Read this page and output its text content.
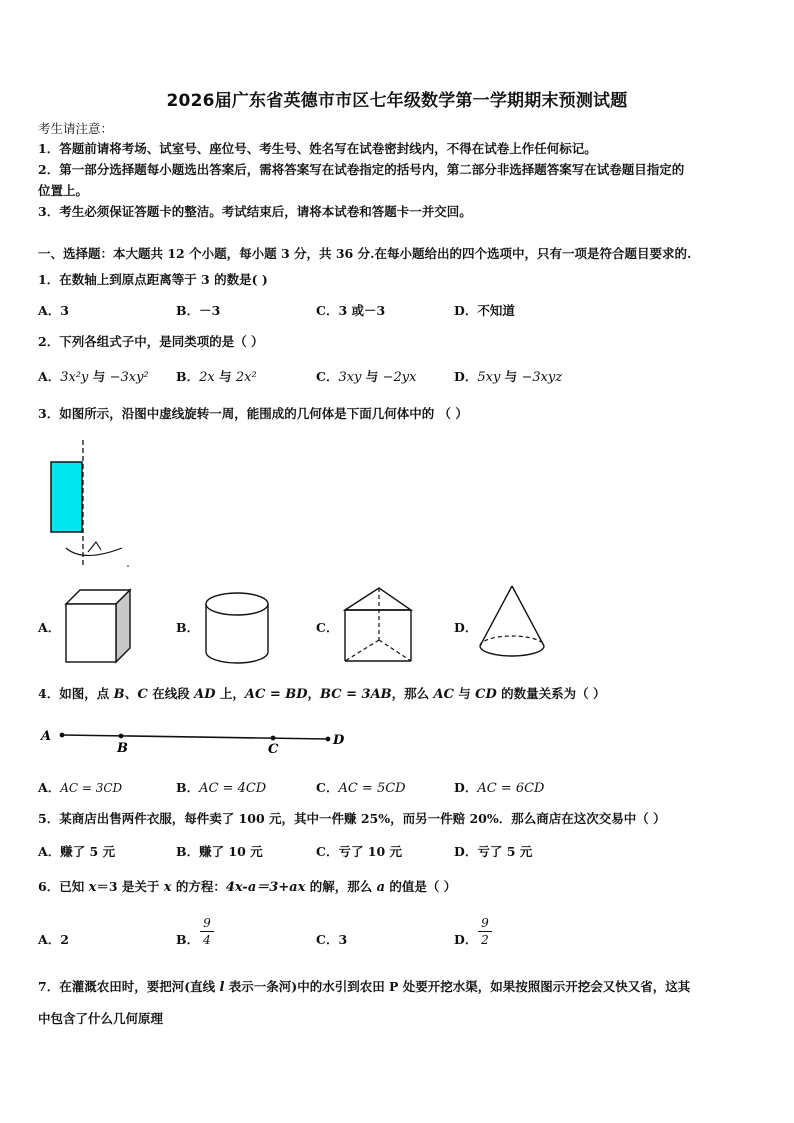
2026届广东省英德市市区七年级数学第一学期期末预测试题
考生请注意：
1．答题前请将考场、试室号、座位号、考生号、姓名写在试卷密封线内，不得在试卷上作任何标记。
2．第一部分选择题每小题选出答案后，需将答案写在试卷指定的括号内，第二部分非选择题答案写在试卷题目指定的
位置上。
3．考生必须保证答题卡的整洁。考试结束后，请将本试卷和答题卡一并交回。
一、选择题：本大题共 12 个小题，每小题 3 分，共 36 分.在每小题给出的四个选项中，只有一项是符合题目要求的.
1．在数轴上到原点距离等于 3 的数是( )
A．3	B．－3	C．3 或－3	D．不知道
2．下列各组式子中，是同类项的是（ ）
A．3x²y 与 −3xy² B．2x 与 2x²	C．3xy 与 −2yx	D．5xy 与 −3xyz
3．如图所示，沿图中虚线旋转一周，能围成的几何体是下面几何体中的 （ ）
A．	B．	C．	D．
4．如图，点 B、C 在线段 AD 上，AC = BD，BC = 3AB，那么 AC 与 CD 的数量关系为（ ）
A
B	C
D
A．AC = 3CD	B．AC = 4CD	C．AC = 5CD	D．AC = 6CD
5．某商店出售两件衣服，每件卖了 100 元，其中一件赚 25%，而另一件赔 20%．那么商店在这次交易中（ ）
A．赚了 5 元	B．赚了 10 元	C．亏了 10 元	D．亏了 5 元
6．已知 x＝3 是关于 x 的方程：4x-a＝3+ax 的解，那么 a 的值是（ ）
A．2	B．
9
4	C．3	D．
9
2
7．在灌溉农田时，要把河(直线 l 表示一条河)中的水引到农田 P 处要开挖水渠，如果按照图示开挖会又快又省，这其
中包含了什么几何原理
